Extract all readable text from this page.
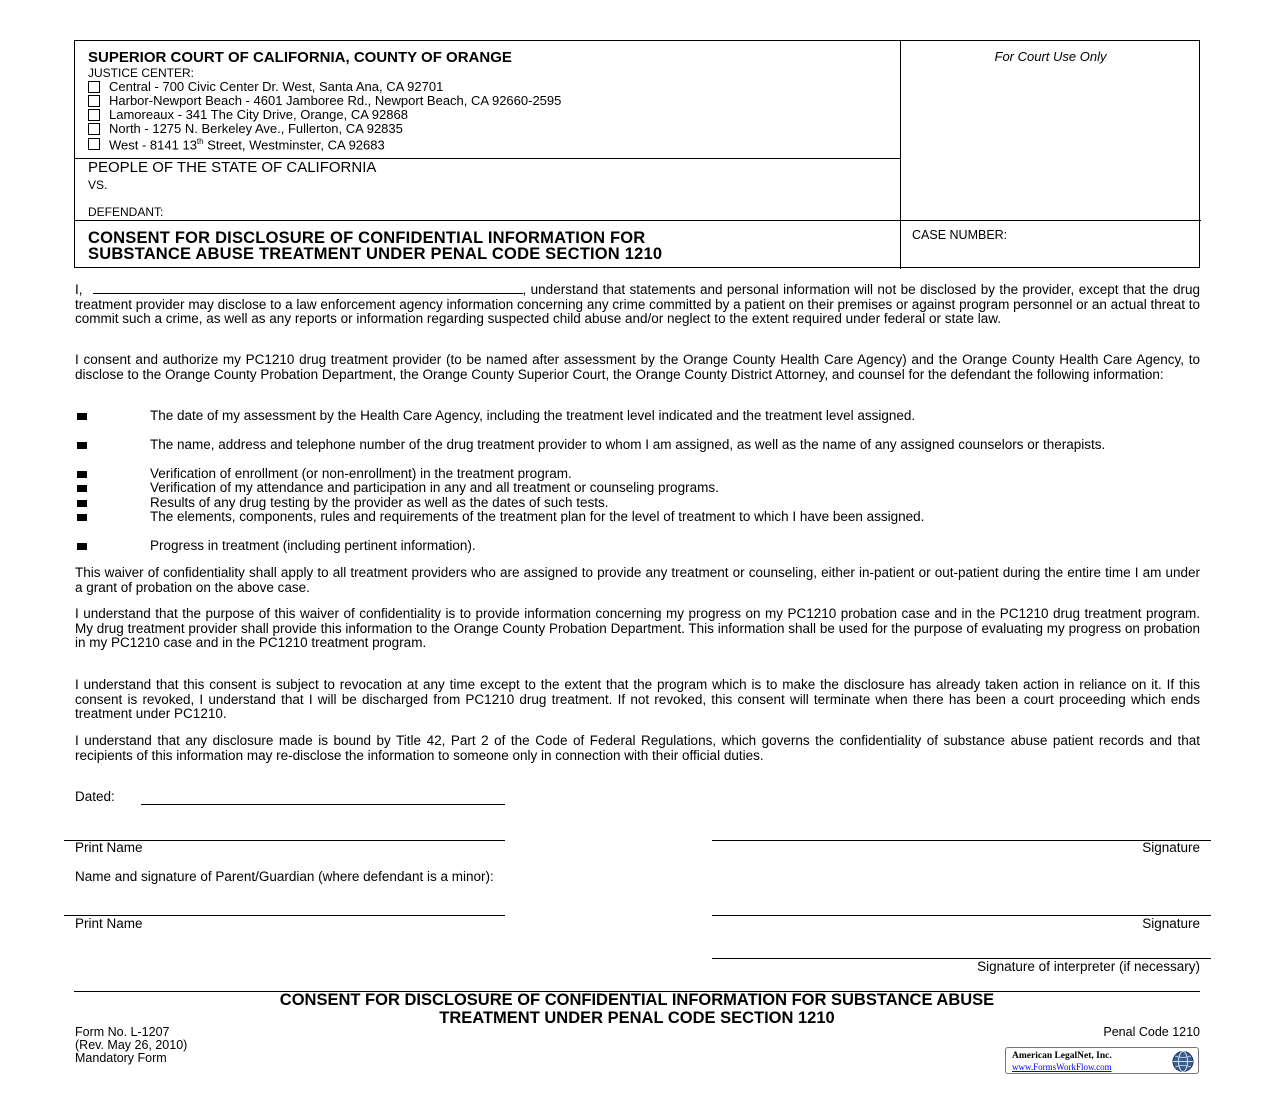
SUPERIOR COURT OF CALIFORNIA, COUNTY OF ORANGE
JUSTICE CENTER:
Central - 700 Civic Center Dr. West, Santa Ana, CA 92701
Harbor-Newport Beach - 4601 Jamboree Rd., Newport Beach, CA 92660-2595
Lamoreaux - 341 The City Drive, Orange, CA 92868
North - 1275 N. Berkeley Ave., Fullerton, CA 92835
West - 8141 13th Street, Westminster, CA 92683
For Court Use Only
PEOPLE OF THE STATE OF CALIFORNIA
VS.
DEFENDANT:
CONSENT FOR DISCLOSURE OF CONFIDENTIAL INFORMATION FOR
SUBSTANCE ABUSE TREATMENT UNDER PENAL CODE SECTION 1210
CASE NUMBER:
I,	, understand that statements and personal information will not be disclosed by the provider, except that the drug treatment provider may disclose to a law enforcement agency information concerning any crime committed by a patient on their premises or against program personnel or an actual threat to commit such a crime, as well as any reports or information regarding suspected child abuse and/or neglect to the extent required under federal or state law.
I consent and authorize my PC1210 drug treatment provider (to be named after assessment by the Orange County Health Care Agency) and the Orange County Health Care Agency, to disclose to the Orange County Probation Department, the Orange County Superior Court, the Orange County District Attorney, and counsel for the defendant the following information:
The date of my assessment by the Health Care Agency, including the treatment level indicated and the treatment level assigned.
The name, address and telephone number of the drug treatment provider to whom I am assigned, as well as the name of any assigned counselors or therapists.
Verification of enrollment (or non-enrollment) in the treatment program.
Verification of my attendance and participation in any and all treatment or counseling programs.
Results of any drug testing by the provider as well as the dates of such tests.
The elements, components, rules and requirements of the treatment plan for the level of treatment to which I have been assigned.
Progress in treatment (including pertinent information).
This waiver of confidentiality shall apply to all treatment providers who are assigned to provide any treatment or counseling, either in-patient or out-patient during the entire time I am under a grant of probation on the above case.
I understand that the purpose of this waiver of confidentiality is to provide information concerning my progress on my PC1210 probation case and in the PC1210 drug treatment program. My drug treatment provider shall provide this information to the Orange County Probation Department. This information shall be used for the purpose of evaluating my progress on probation in my PC1210 case and in the PC1210 treatment program.
I understand that this consent is subject to revocation at any time except to the extent that the program which is to make the disclosure has already taken action in reliance on it. If this consent is revoked, I understand that I will be discharged from PC1210 drug treatment. If not revoked, this consent will terminate when there has been a court proceeding which ends treatment under PC1210.
I understand that any disclosure made is bound by Title 42, Part 2 of the Code of Federal Regulations, which governs the confidentiality of substance abuse patient records and that recipients of this information may re-disclose the information to someone only in connection with their official duties.
Dated:
Print Name	Signature
Name and signature of Parent/Guardian (where defendant is a minor):
Print Name	Signature
Signature of interpreter (if necessary)
CONSENT FOR DISCLOSURE OF CONFIDENTIAL INFORMATION FOR SUBSTANCE ABUSE
TREATMENT UNDER PENAL CODE SECTION 1210
Form No. L-1207
(Rev. May 26, 2010)
Mandatory Form
Penal Code 1210
American LegalNet, Inc.
www.FormsWorkFlow.com
